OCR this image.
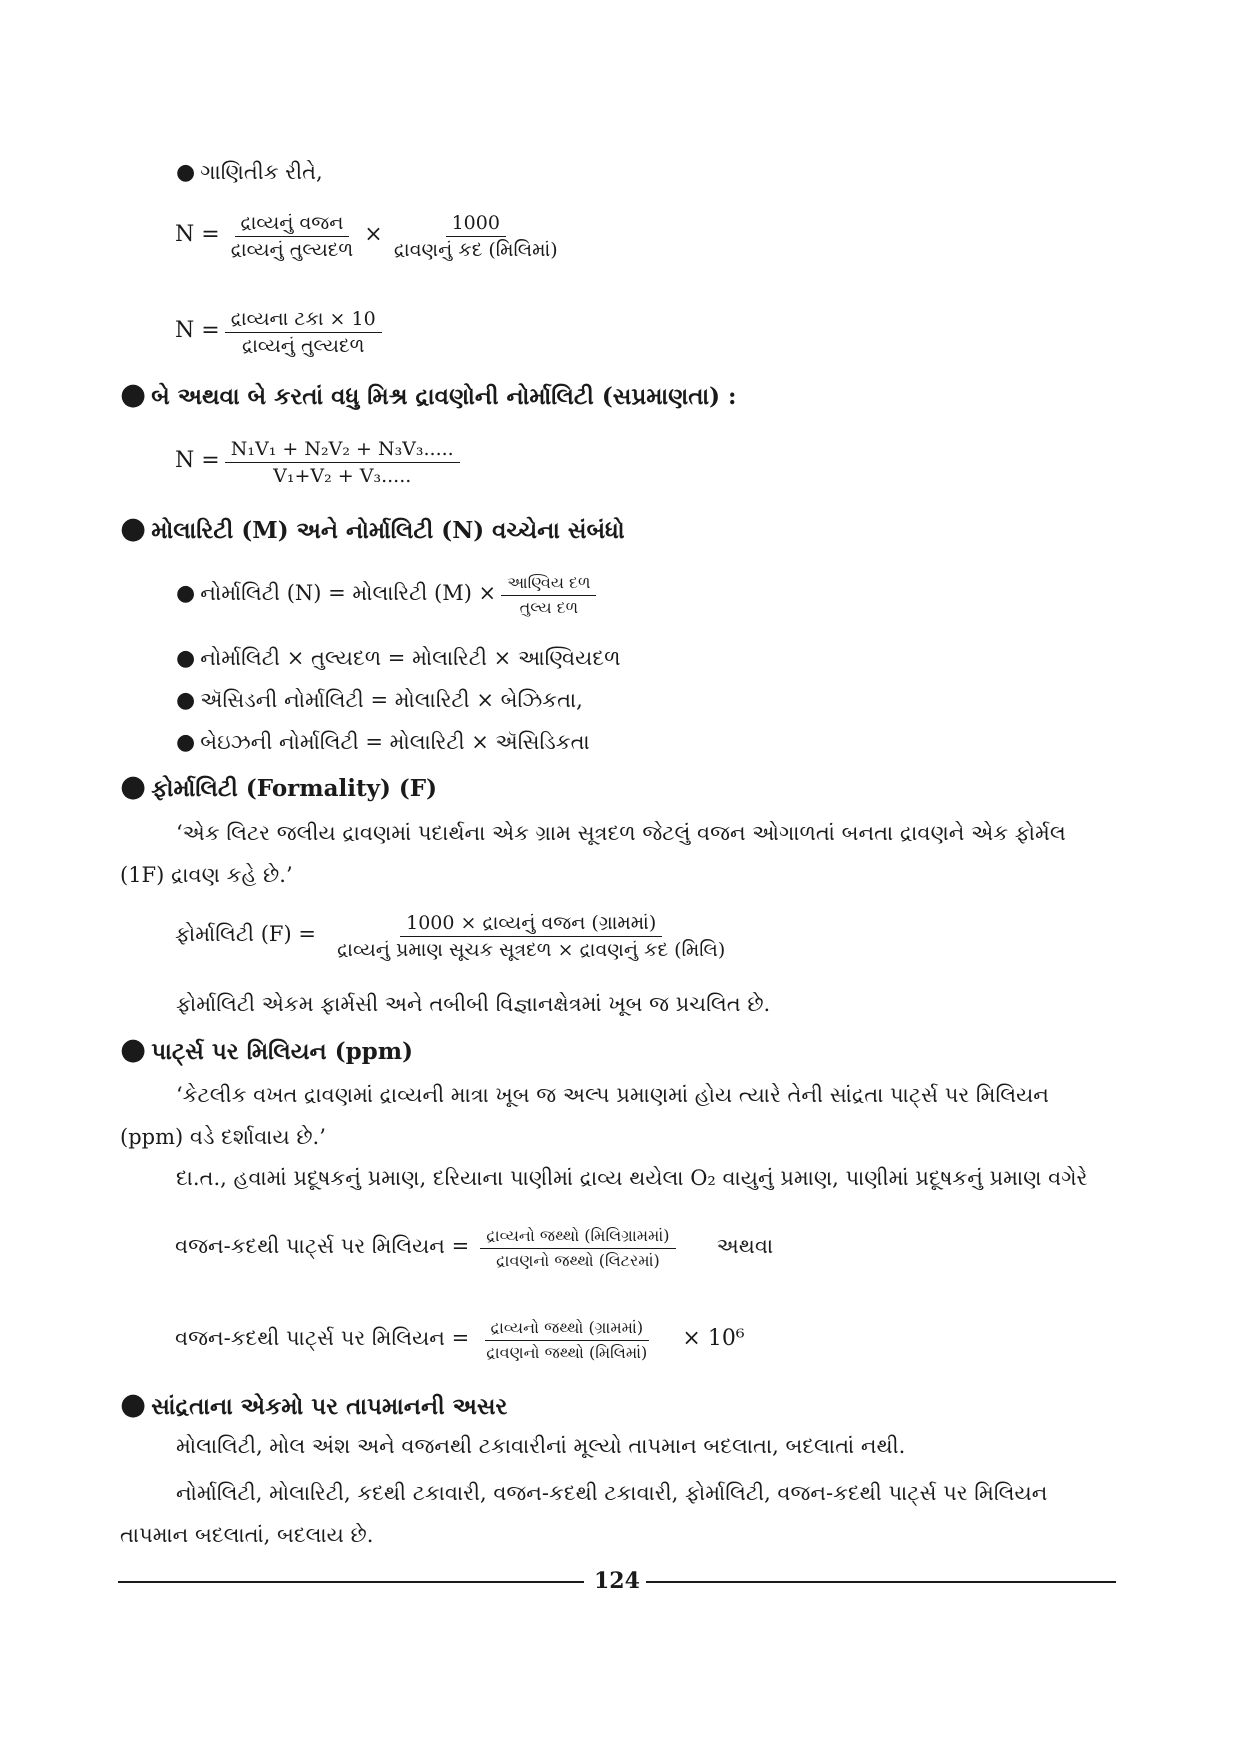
● ગાણિતીક રીતે,
$N = \frac{\text{દ્રાવ્યનું વજન}}{\text{દ્રાવ્યનું તુલ્યદળ}} \times \frac{1000}{\text{દ્રાવણનું કદ (મિલિમાં)}}$
$N = \frac{\text{દ્રાવ્યના ટકા × 10}}{\text{દ્રાવ્યનું તુલ્યદળ}}$
● બે અથવા બે કરતાં વધુ મિશ્ર દ્રાવણોની નોર્માલિટી (સપ્રમાણતા) :
$N = \frac{\text{N₁V₁ + N₂V₂ + N₃V₃.....}}{\text{V₁+V₂ + V₃.....}}$
● મોલારિટી (M) અને નોર્માલિટી (N) વચ્ચેના સંબંધો
● નોર્માલિટી (N) = મોલારિટી $(M) \times \frac{\text{આણ્વિય દળ}}{\text{તુલ્ય દળ}}$
● નોર્માલિટી × તુલ્યદળ = મોલારિટી × આણ્વિયદળ
● ઍસિડની નોર્માલિટી = મોલારિટી × બેઝિકતા,
● બેઇઝની નોર્માલિટી = મોલારિટી × ઍસિડિકતા
● ફોર્માલિટી (Formality) (F)
‘એક લિટર જલીય દ્રાવણમાં પદાર્થના એક ગ્રામ સૂત્રદળ જેટલું વજન ઓગાળતાં બનતા દ્રાવણને એક ફોર્મલ (1F) દ્રાવણ કહે છે.’
ફોર્માલિટી $(F) = \frac{\text{1000 × દ્રાવ્યનું વજન (ગ્રામમાં)}}{\text{દ્રાવ્યનું પ્રમાણ સૂચક સૂત્રદળ × દ્રાવણનું કદ (મિલિ)}}$
ફોર્માલિટી એકમ ફાર્મસી અને તબીબી વિજ્ઞાનક્ષેત્રમાં ખૂબ જ પ્રચલિત છે.
● પાર્ટ્સ પર મિલિયન (ppm)
‘કેટલીક વખત દ્રાવણમાં દ્રાવ્યની માત્રા ખૂબ જ અલ્પ પ્રમાણમાં હોય ત્યારે તેની સાંદ્રતા પાર્ટ્સ પર મિલિયન (ppm) વડે દર્શાવાય છે.’
દા.ત., હવામાં પ્રદૂષકનું પ્રમાણ, દરિયાના પાણીમાં દ્રાવ્ય થયેલા O₂ વાયુનું પ્રમાણ, પાણીમાં પ્રદૂષકનું પ્રમાણ વગેરે
વજન-કદથી પાર્ટ્સ પર મિલિયન = $\frac{\text{દ્રાવ્યનો જથ્થો (મિલિગ્રામમાં)}}{\text{દ્રાવણનો જથ્થો (લિટરમાં)}}$ અથવા
વજન-કદથી પાર્ટ્સ પર મિલિયન = $\frac{\text{દ્રાવ્યનો જથ્થો (ગ્રામમાં)}}{\text{દ્રાવણનો જથ્થો (મિલિમાં)}} \times 10^6$
● સાંદ્રતાના એકમો પર તાપમાનની અસર
મોલાલિટી, મોલ અંશ અને વજનથી ટકાવારીનાં મૂલ્યો તાપમાન બદલાતા, બદલાતાં નથી.
નોર્માલિટી, મોલારિટી, કદથી ટકાવારી, વજન-કદથી ટકાવારી, ફોર્માલિટી, વજન-કદથી પાર્ટ્સ પર મિલિયન તાપમાન બદલાતાં, બદલાય છે.
124
